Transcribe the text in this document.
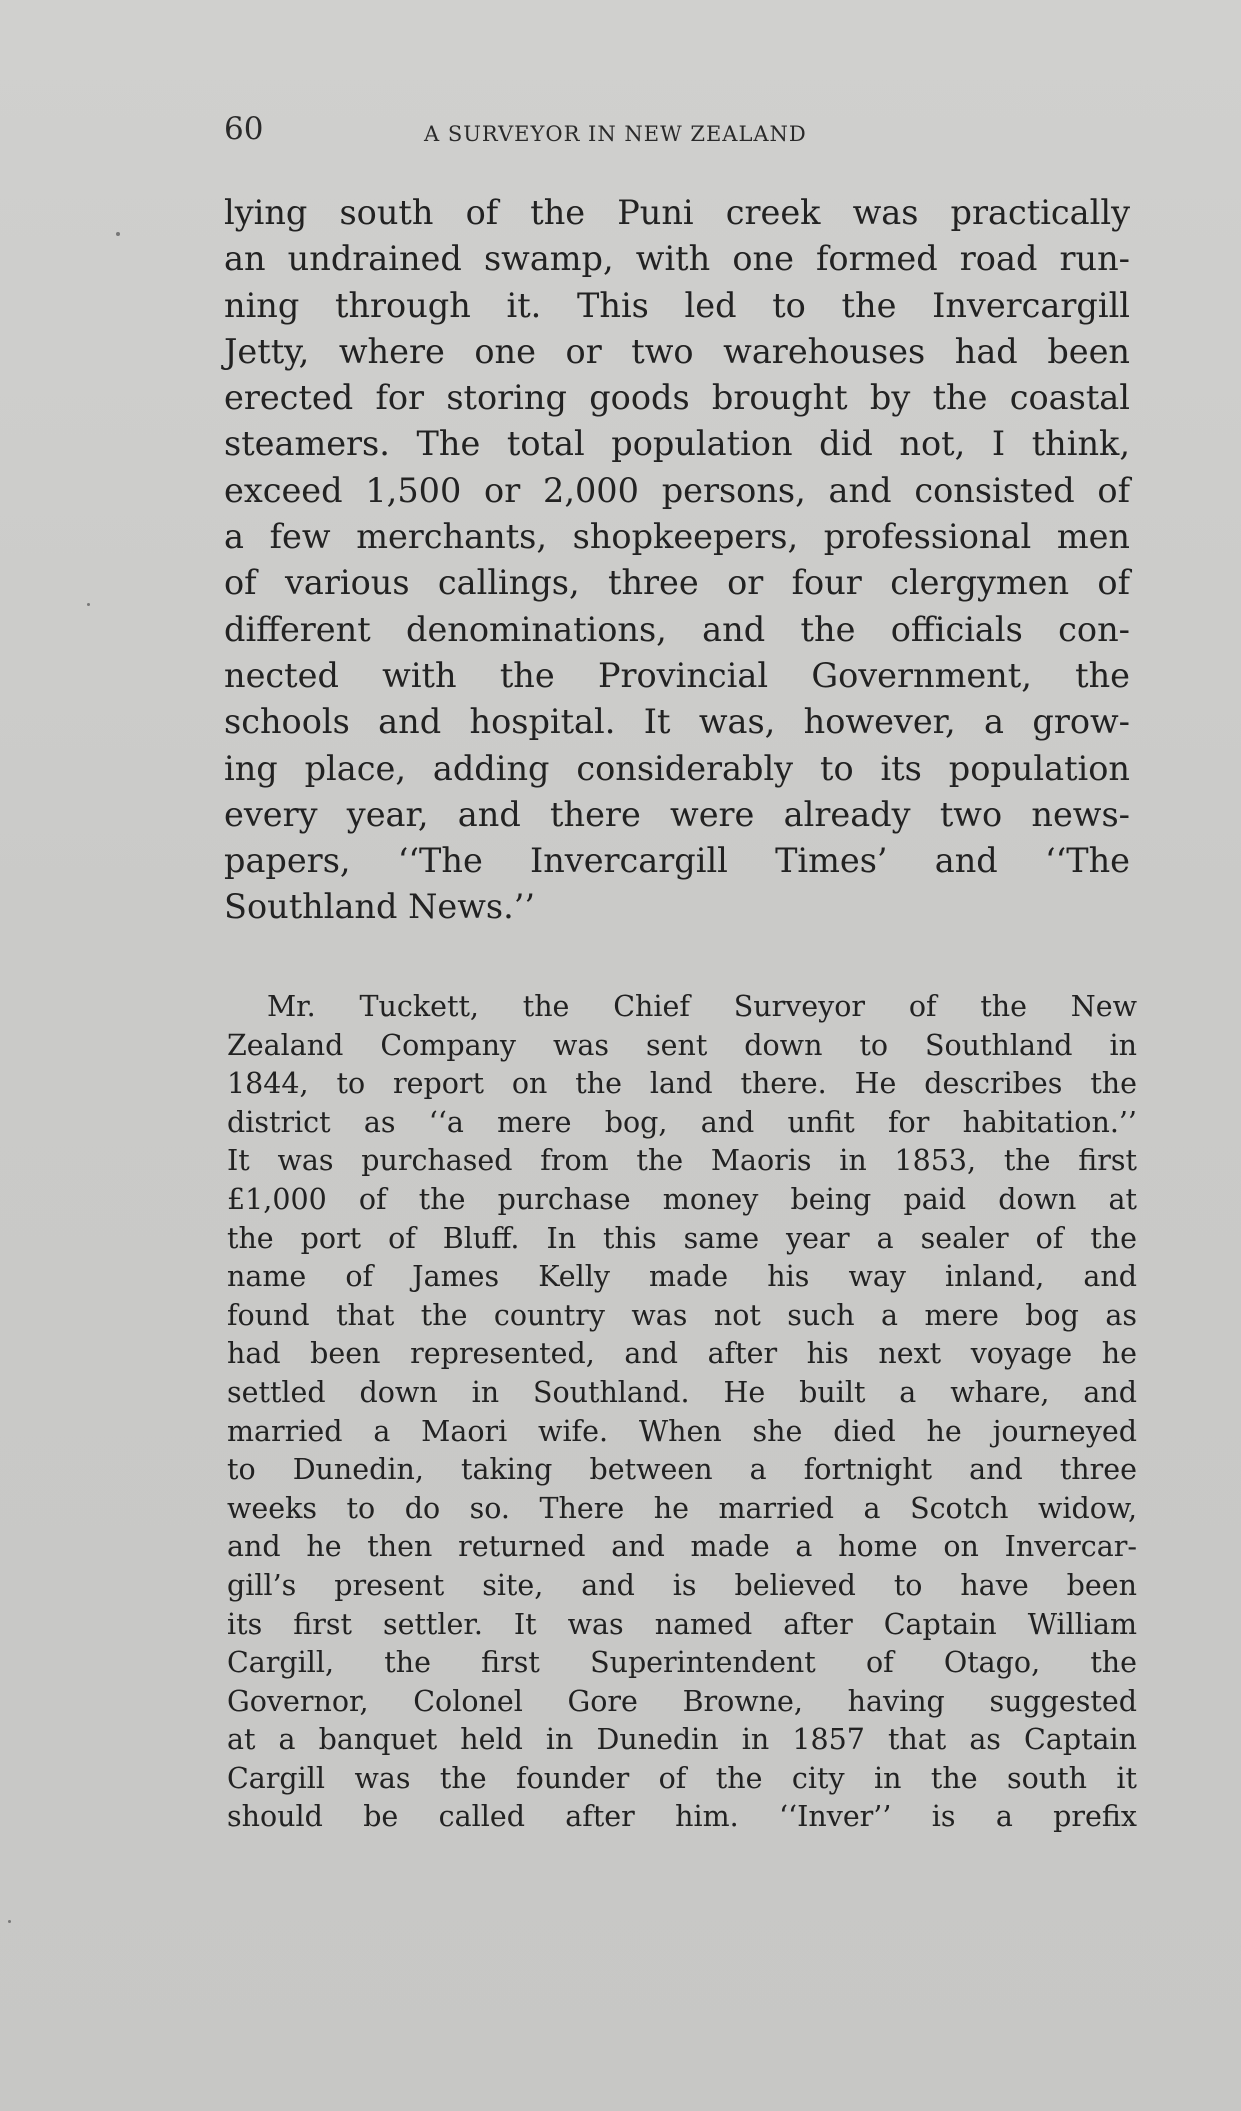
60	A SURVEYOR IN NEW ZEALAND
lying south of the Puni creek was practically
an undrained swamp, with one formed road run-
ning through it. This led to the Invercargill
Jetty, where one or two warehouses had been
erected for storing goods brought by the coastal
steamers. The total population did not, I think,
exceed 1,500 or 2,000 persons, and consisted of
a few merchants, shopkeepers, professional men
of various callings, three or four clergymen of
different denominations, and the officials con-
nected with the Provincial Government, the
schools and hospital. It was, however, a grow-
ing place, adding considerably to its population
every year, and there were already two news-
papers, ‘‘The Invercargill Times’ and ‘‘The
Southland News.’’
Mr. Tuckett, the Chief Surveyor of the New
Zealand Company was sent down to Southland in
1844, to report on the land there. He describes the
district as ‘‘a mere bog, and unfit for habitation.’’
It was purchased from the Maoris in 1853, the first
£1,000 of the purchase money being paid down at
the port of Bluff. In this same year a sealer of the
name of James Kelly made his way inland, and
found that the country was not such a mere bog as
had been represented, and after his next voyage he
settled down in Southland. He built a whare, and
married a Maori wife. When she died he journeyed
to Dunedin, taking between a fortnight and three
weeks to do so. There he married a Scotch widow,
and he then returned and made a home on Invercar-
gill’s present site, and is believed to have been
its first settler. It was named after Captain William
Cargill, the first Superintendent of Otago, the
Governor, Colonel Gore Browne, having suggested
at a banquet held in Dunedin in 1857 that as Captain
Cargill was the founder of the city in the south it
should be called after him. ‘‘Inver’’ is a prefix
